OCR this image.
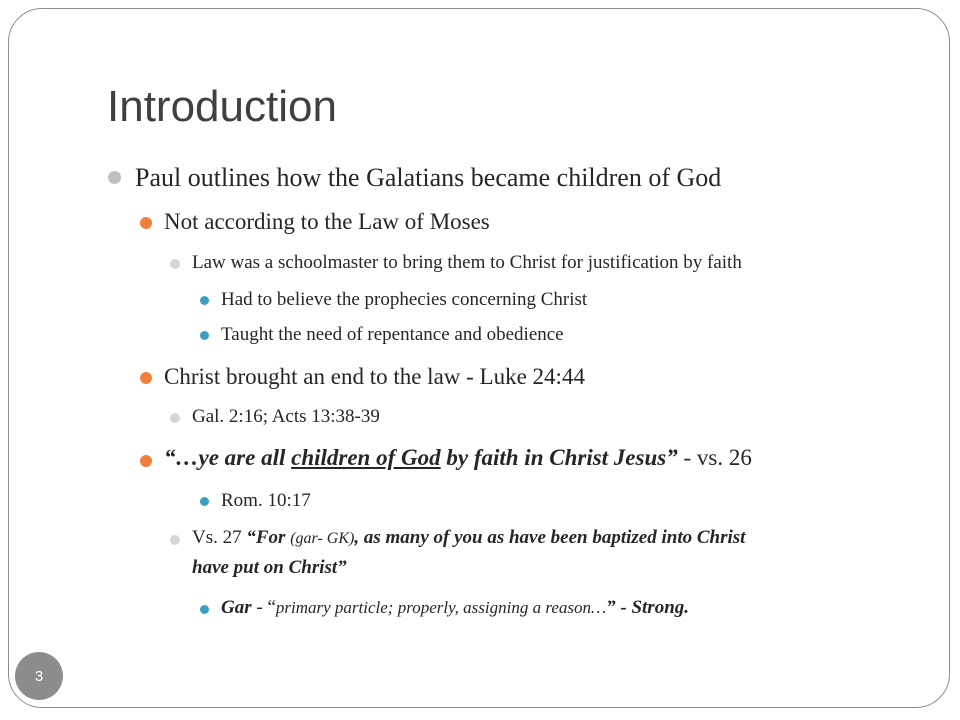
Introduction
Paul outlines how the Galatians became children of God
Not according to the Law of Moses
Law was a schoolmaster to bring them to Christ for justification by faith
Had to believe the prophecies concerning Christ
Taught the need of repentance and obedience
Christ brought an end to the law - Luke 24:44
Gal. 2:16; Acts 13:38-39
“…ye are all children of God by faith in Christ Jesus” - vs. 26
Rom. 10:17
Vs. 27 “For (gar- GK), as many of you as have been baptized into Christ
have put on Christ”
Gar - “primary particle; properly, assigning a reason…” - Strong.
3
